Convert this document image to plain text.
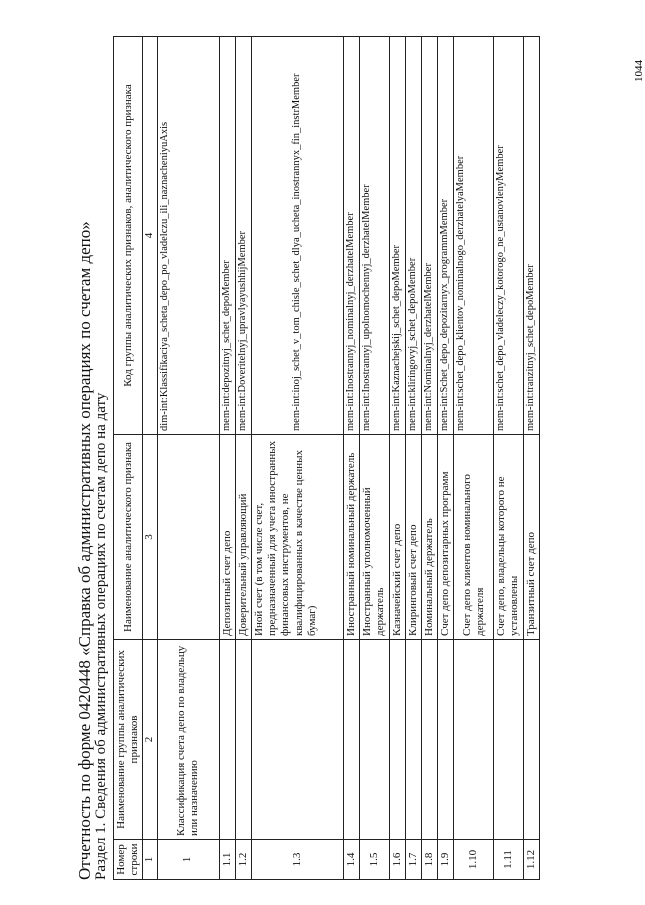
Отчетность по форме 0420448 «Справка об административных операциях по счетам депо» Раздел 1. Сведения об административных операциях по счетам депо на дату Номер строки	Наименование группы аналитических признаков	Наименование аналитического признака	Код группы аналитических признаков, аналитического признака
1	2	3	4
1	Классификация счета депо по владельцу или назначению		dim-int:Klassifikaciya_scheta_depo_po_vladelczu_ili_naznacheniyuAxis
1.1		Депозитный счет депо	mem-int:depozitnyj_schet_depoMember
1.2		Доверительный управляющий	mem-int:Doveritelnyj_upravlyayushhijMember
1.3		Иной счет (в том числе счет, предназначенный для учета иностранных финансовых инструментов, не квалифицированных в качестве ценных бумаг)	mem-int:inoj_schet_v_tom_chisle_schet_dlya_ucheta_inostrannyx_fin_instrMember
1.4		Иностранный номинальный держатель	mem-int:Inostrannyj_nominalnyj_derzhatelMember
1.5		Иностранный уполномоченный держатель	mem-int:Inostrannyj_upolnomochennyj_derzhatelMember
1.6		Казначейский счет депо	mem-int:Kaznachejskij_schet_depoMember
1.7		Клиринговый счет депо	mem-int:kliringovyj_schet_depoMember
1.8		Номинальный держатель	mem-int:Nominalnyj_derzhatelMember
1.9		Счет депо депозитарных программ	mem-int:Schet_depo_depozitarnyx_programmMember
1.10		Счет депо клиентов номинального держателя	mem-int:schet_depo_klientov_nominalnogo_derzhatelyaMember
1.11		Счет депо, владельцы которого не установлены	mem-int:schet_depo_vladeleczy_kotorogo_ne_ustanovlenyMember
1.12		Транзитный счет депо	mem-int:tranzitnyj_schet_depoMember
1044
